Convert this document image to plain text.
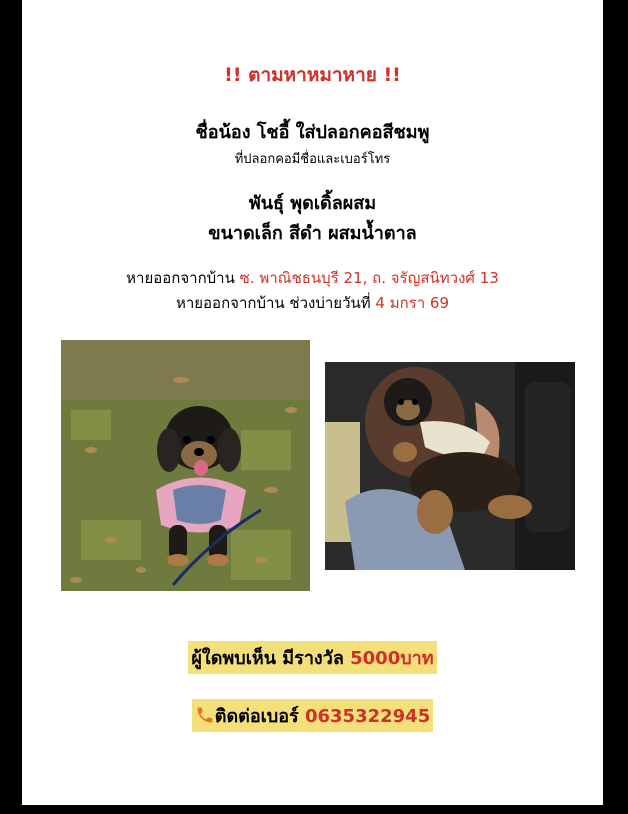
!! ตามหาหมาหาย !!
ชื่อน้อง โชอี้ ใส่ปลอกคอสีชมพู
ที่ปลอกคอมีชื่อและเบอร์โทร
พันธุ์ พุดเดิ้ลผสม
ขนาดเล็ก สีดำ ผสมน้ำตาล
หายออกจากบ้าน ซ. พาณิชธนบุรี 21, ถ. จรัญสนิทวงศ์ 13
หายออกจากบ้าน ช่วงบ่ายวันที่ 4 มกรา 69
ผู้ใดพบเห็น มีรางวัล 5000บาท
ติดต่อเบอร์ 0635322945
